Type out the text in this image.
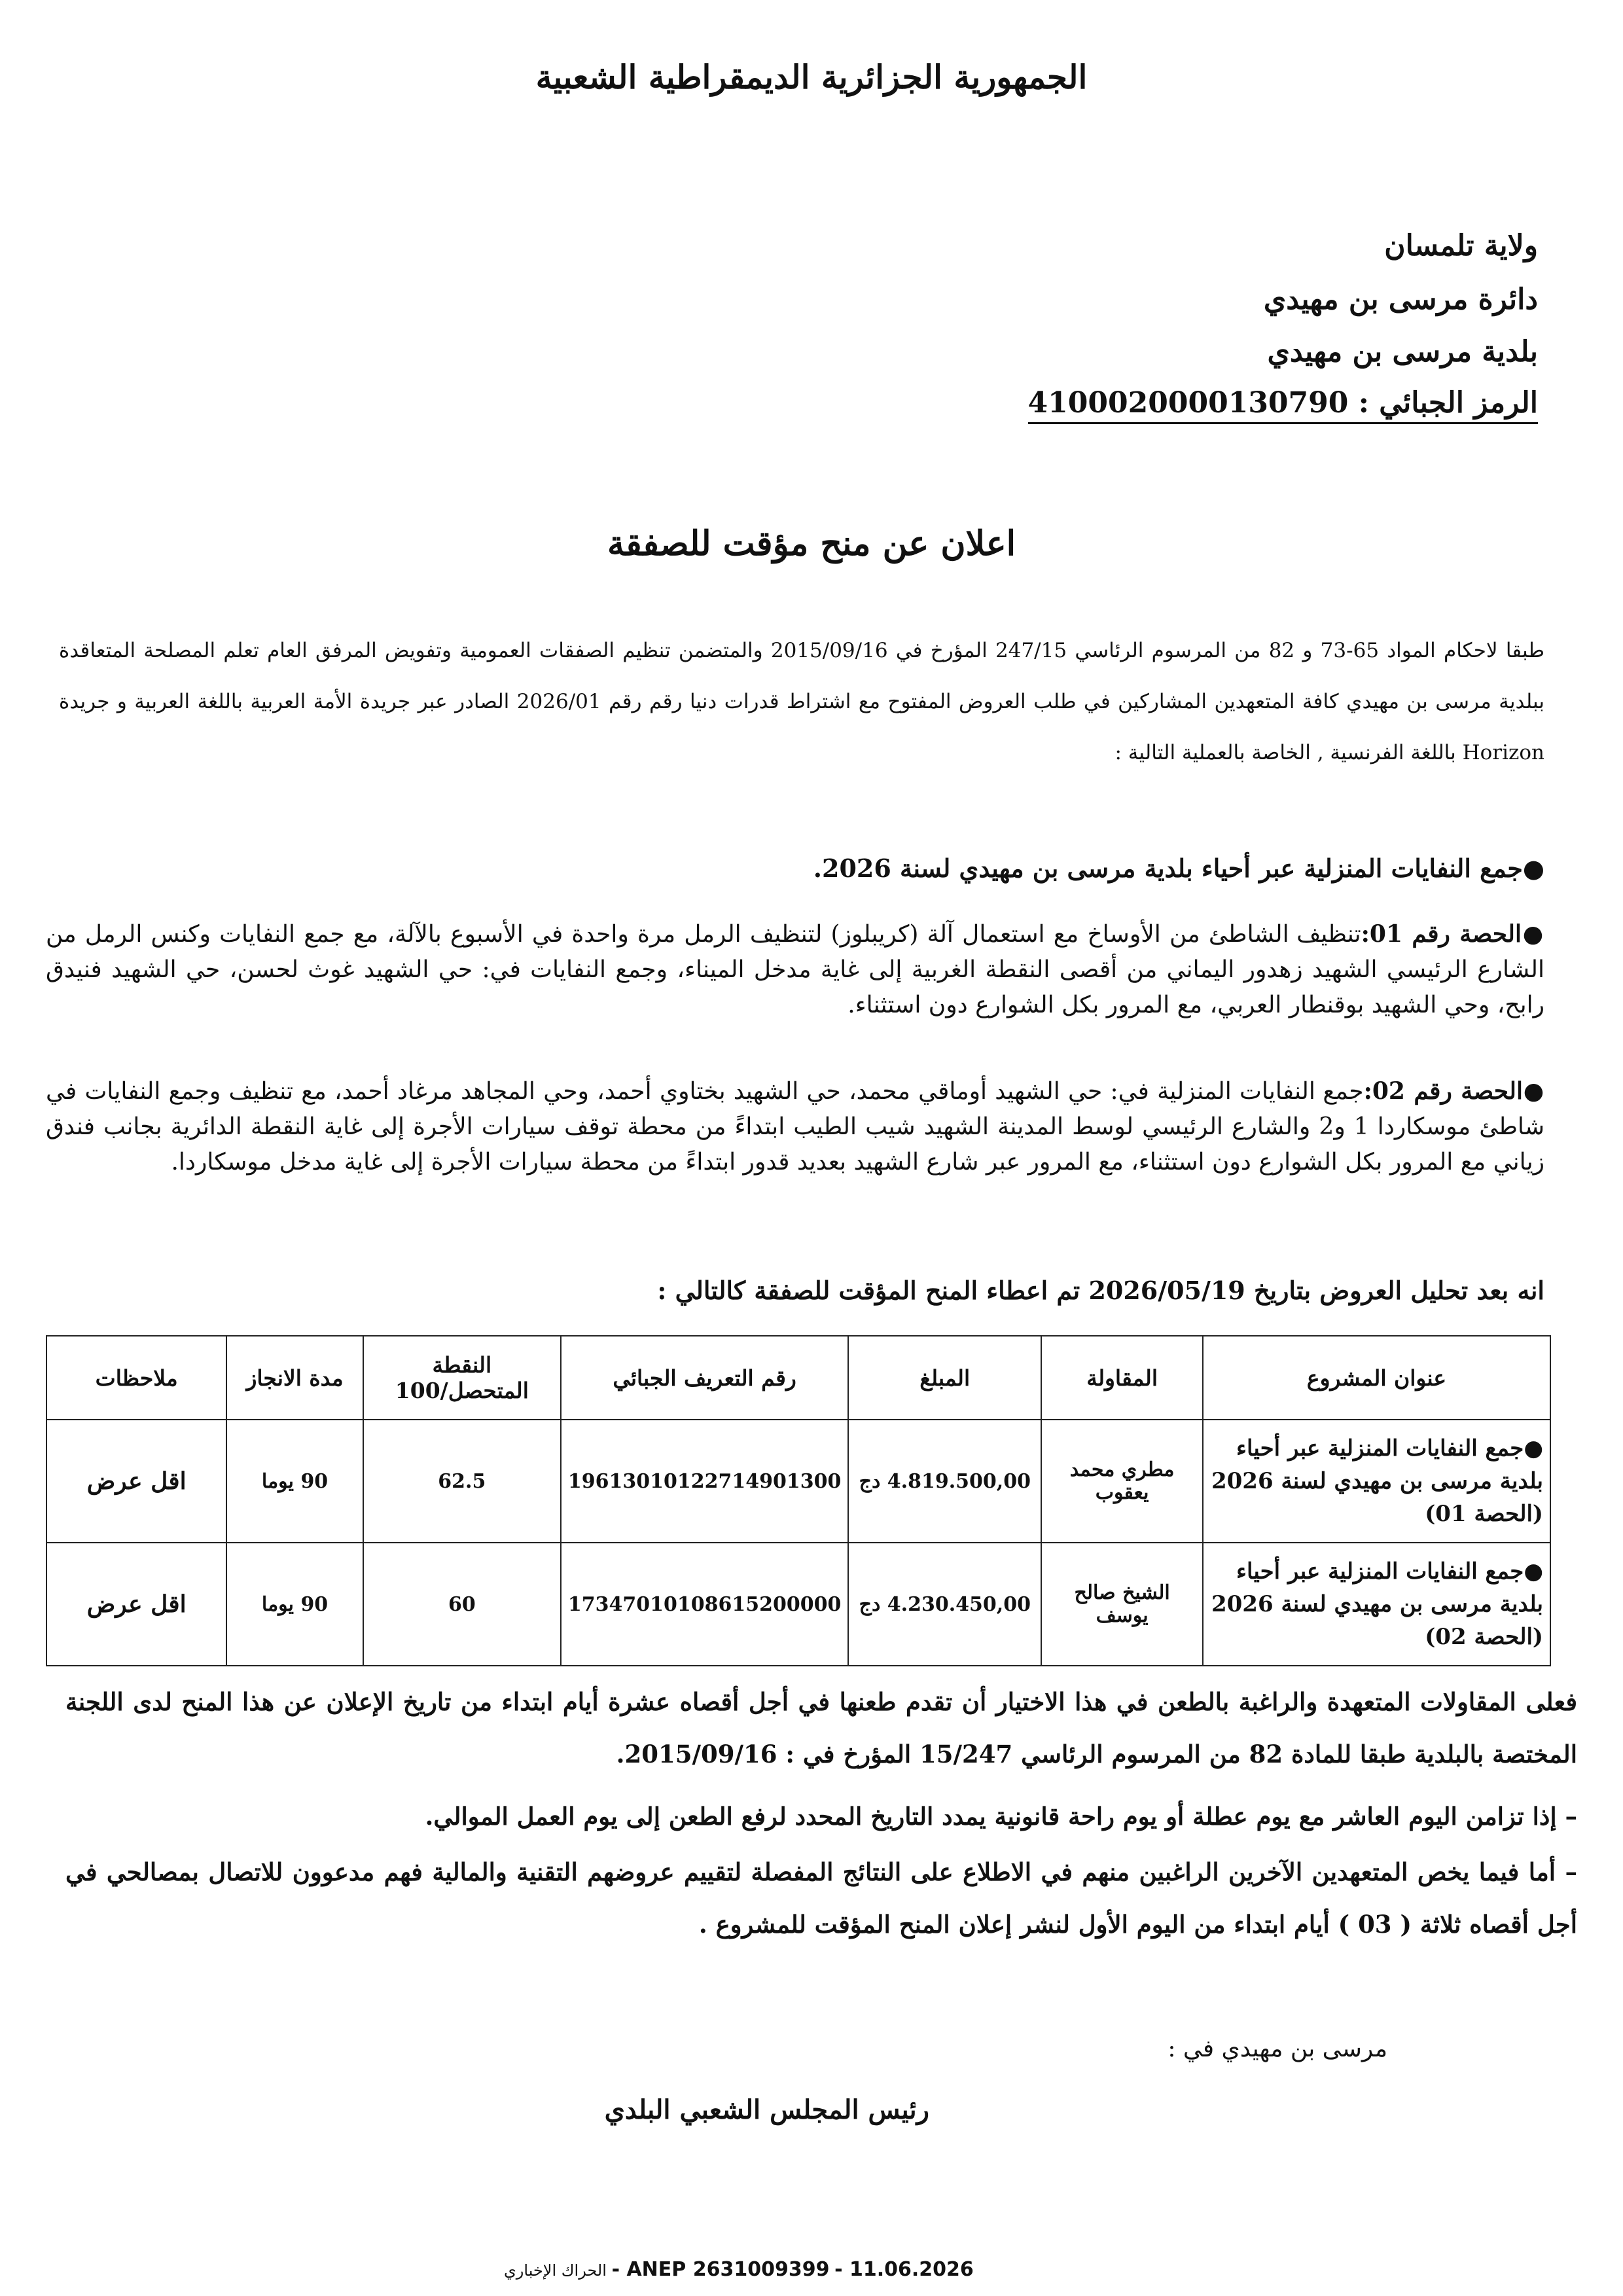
الجمهورية الجزائرية الديمقراطية الشعبية
ولاية تلمسان
دائرة مرسى بن مهيدي
بلدية مرسى بن مهيدي
الرمز الجبائي : 4100020000130790
اعلان عن منح مؤقت للصفقة
طبقا لاحكام المواد 65-73 و 82 من المرسوم الرئاسي 247/15 المؤرخ في 2015/09/16 والمتضمن تنظيم الصفقات العمومية وتفويض المرفق العام تعلم المصلحة المتعاقدة ببلدية مرسى بن مهيدي كافة المتعهدين المشاركين في طلب العروض المفتوح مع اشتراط قدرات دنيا رقم رقم 2026/01 الصادر عبر جريدة الأمة العربية باللغة العربية و جريدة Horizon باللغة الفرنسية , الخاصة بالعملية التالية :
●جمع النفايات المنزلية عبر أحياء بلدية مرسى بن مهيدي لسنة 2026.
●الحصة رقم 01:تنظيف الشاطئ من الأوساخ مع استعمال آلة (كريبلوز) لتنظيف الرمل مرة واحدة في الأسبوع بالآلة، مع جمع النفايات وكنس الرمل من الشارع الرئيسي الشهيد زهدور اليماني من أقصى النقطة الغربية إلى غاية مدخل الميناء، وجمع النفايات في: حي الشهيد غوث لحسن، حي الشهيد فنيدق رابح، وحي الشهيد بوقنطار العربي، مع المرور بكل الشوارع دون استثناء.
●الحصة رقم 02:جمع النفايات المنزلية في: حي الشهيد أوماقي محمد، حي الشهيد بختاوي أحمد، وحي المجاهد مرغاد أحمد، مع تنظيف وجمع النفايات في شاطئ موسكاردا 1 و2 والشارع الرئيسي لوسط المدينة الشهيد شيب الطيب ابتداءً من محطة توقف سيارات الأجرة إلى غاية النقطة الدائرية بجانب فندق زياني مع المرور بكل الشوارع دون استثناء، مع المرور عبر شارع الشهيد بعديد قدور ابتداءً من محطة سيارات الأجرة إلى غاية مدخل موسكاردا.
انه بعد تحليل العروض بتاريخ 2026/05/19 تم اعطاء المنح المؤقت للصفقة كالتالي :
عنوان المشروع	المقاولة	المبلغ	رقم التعريف الجبائي	النقطة المتحصل/100	مدة الانجاز	ملاحظات
●جمع النفايات المنزلية عبر أحياء بلدية مرسى بن مهيدي لسنة 2026 (الحصة 01)	مطري محمد يعقوب	4.819.500,00 دج	196130101227149013​00	62.5	90 يوما	اقل عرض
●جمع النفايات المنزلية عبر أحياء بلدية مرسى بن مهيدي لسنة 2026 (الحصة 02)	الشيخ صالح يوسف	4.230.450,00 دج	17347010108615200000	60	90 يوما	اقل عرض
فعلى المقاولات المتعهدة والراغبة بالطعن في هذا الاختيار أن تقدم طعنها في أجل أقصاه عشرة أيام ابتداء من تاريخ الإعلان عن هذا المنح لدى اللجنة المختصة بالبلدية طبقا للمادة 82 من المرسوم الرئاسي 15/247 المؤرخ في : 2015/09/16.
– إذا تزامن اليوم العاشر مع يوم عطلة أو يوم راحة قانونية يمدد التاريخ المحدد لرفع الطعن إلى يوم العمل الموالي.
– أما فيما يخص المتعهدين الآخرين الراغبين منهم في الاطلاع على النتائج المفصلة لتقييم عروضهم التقنية والمالية فهم مدعوون للاتصال بمصالحي في أجل أقصاه ثلاثة ( 03 ) أيام ابتداء من اليوم الأول لنشر إعلان المنح المؤقت للمشروع .
مرسى بن مهيدي في :
رئيس المجلس الشعبي البلدي
الحراك الإخباري - ANEP 2631009399 - 11.06.2026
